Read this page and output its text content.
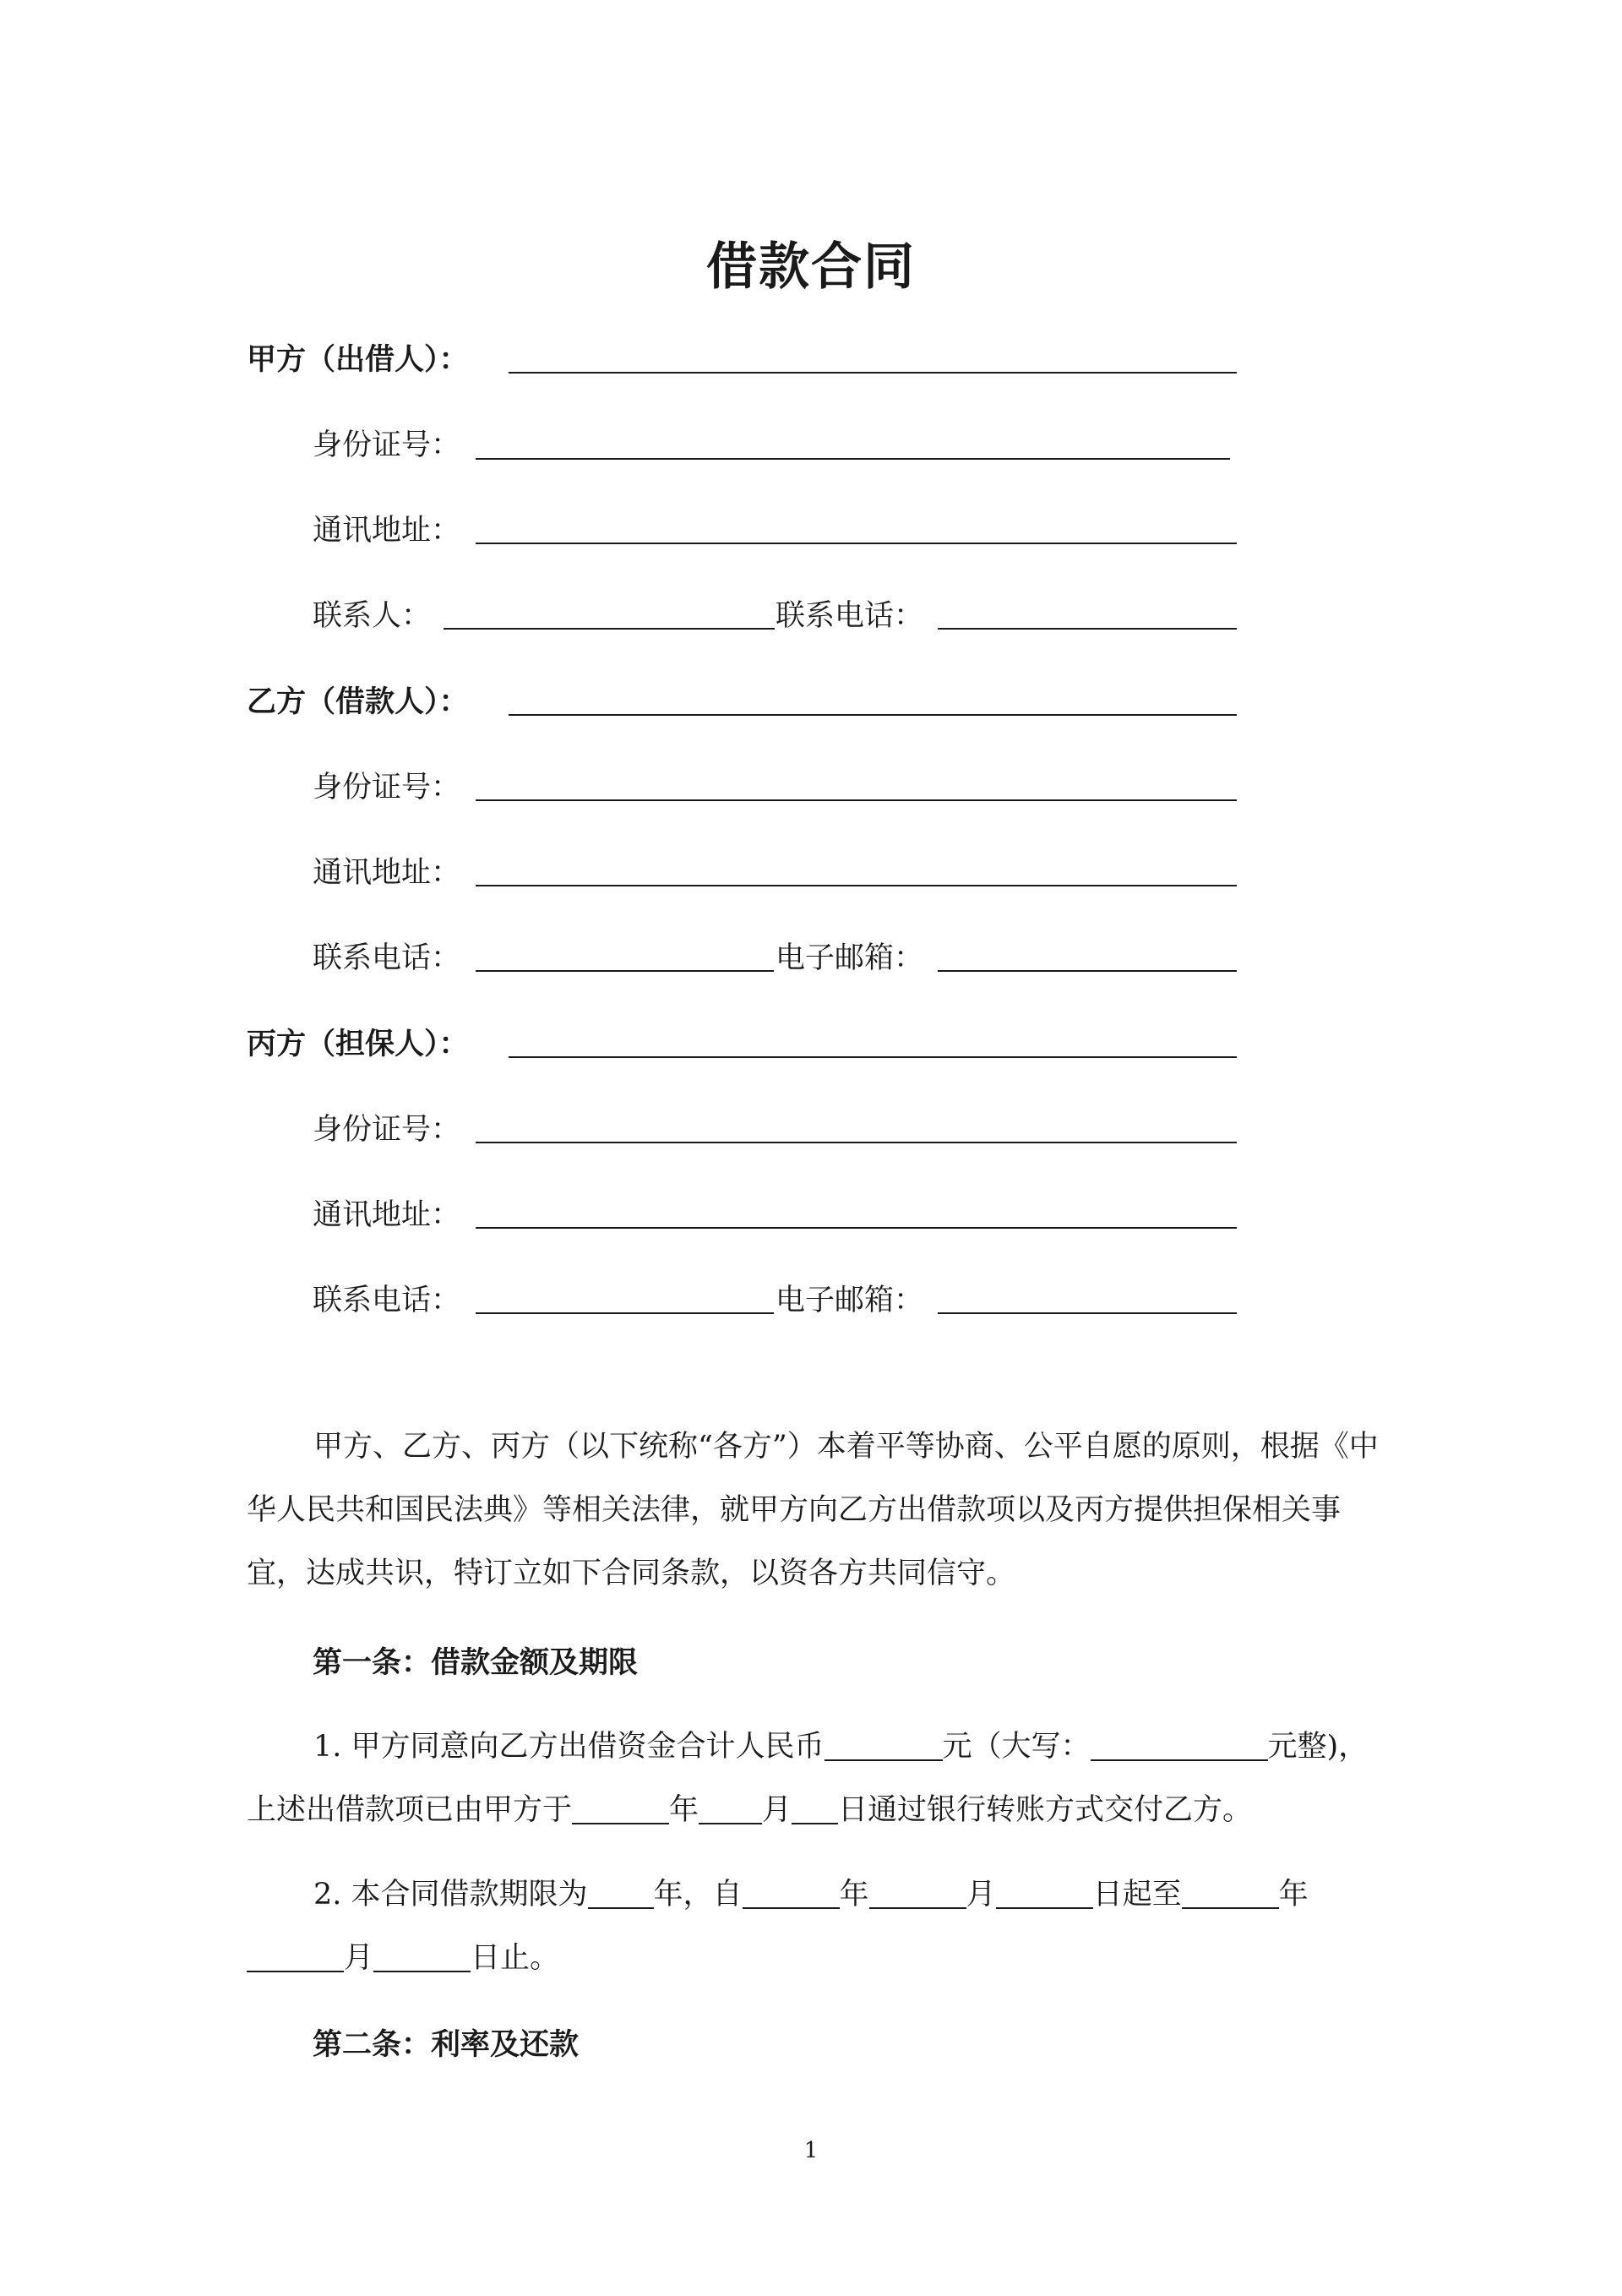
借款合同
甲方（出借人）：
身份证号：
通讯地址：
联系人：	联系电话：
乙方（借款人）：
身份证号：
通讯地址：
联系电话：	电子邮箱：
丙方（担保人）：
身份证号：
通讯地址：
联系电话：	电子邮箱：
甲方、乙方、丙方（以下统称“各方”）本着平等协商、公平自愿的原则，根据《中华人民共和国民法典》等相关法律，就甲方向乙方出借款项以及丙方提供担保相关事宜，达成共识，特订立如下合同条款，以资各方共同信守。
第一条：借款金额及期限
1. 甲方同意向乙方出借资金合计人民币	元（大写：	元整)，上述出借款项已由甲方于	年 月 日通过银行转账方式交付乙方。
2. 本合同借款期限为 年，自	年	月	日起至	年月	日止。
第二条：利率及还款
1
